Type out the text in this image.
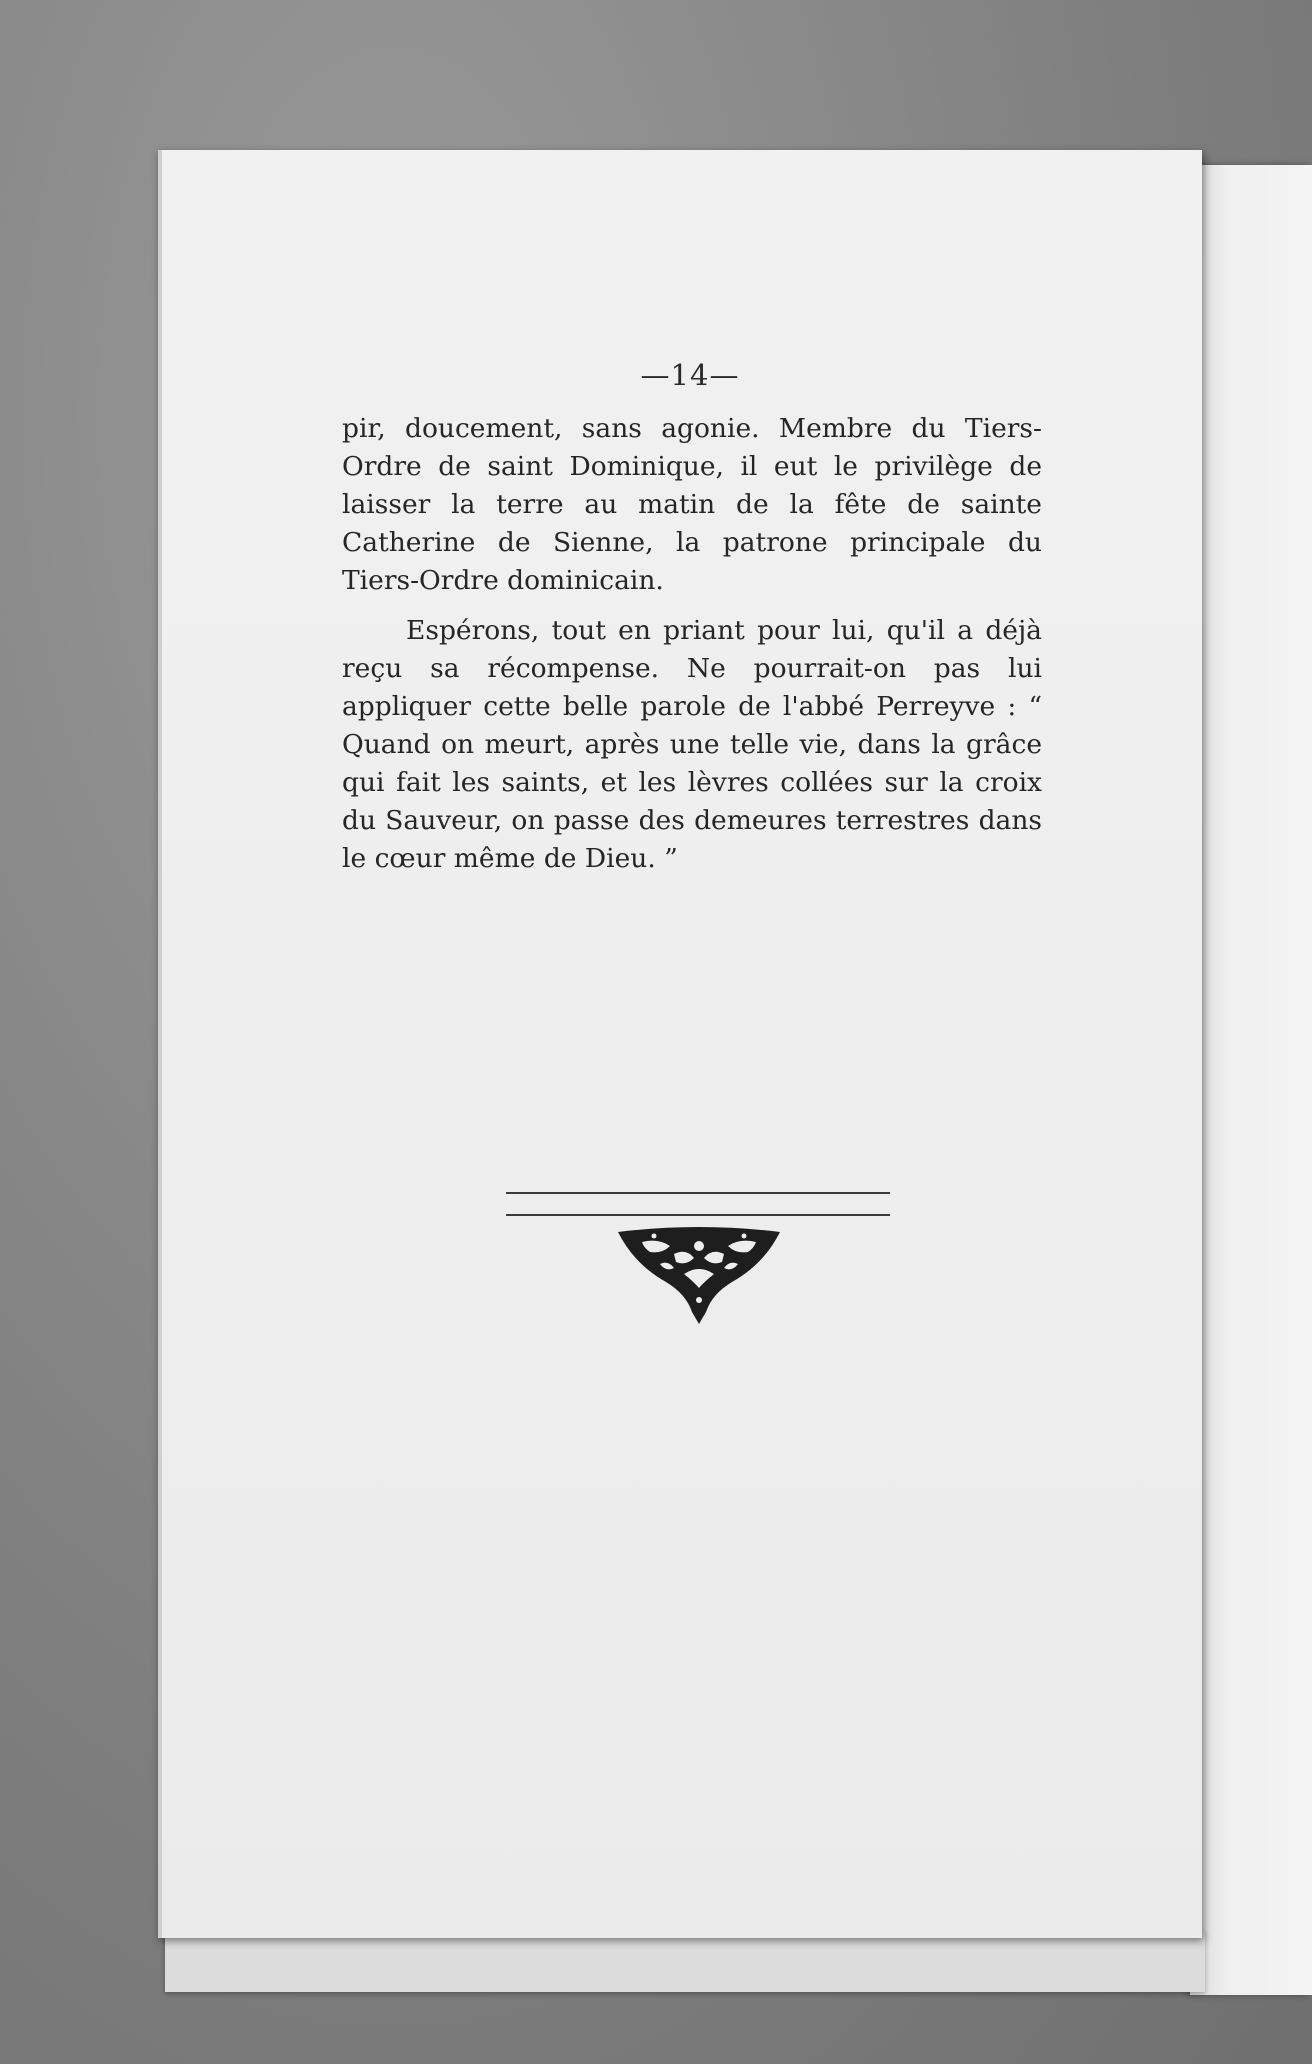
—14—

pir, doucement, sans agonie. Membre du Tiers-Ordre de saint Dominique, il eut le privilège de laisser la terre au matin de la fête de sainte Catherine de Sienne, la patrone principale du Tiers-Ordre dominicain.

Espérons, tout en priant pour lui, qu'il a déjà reçu sa récompense. Ne pourrait-on pas lui appliquer cette belle parole de l'abbé Perreyve : “ Quand on meurt, après une telle vie, dans la grâce qui fait les saints, et les lèvres collées sur la croix du Sauveur, on passe des demeures terrestres dans le cœur même de Dieu. ”
